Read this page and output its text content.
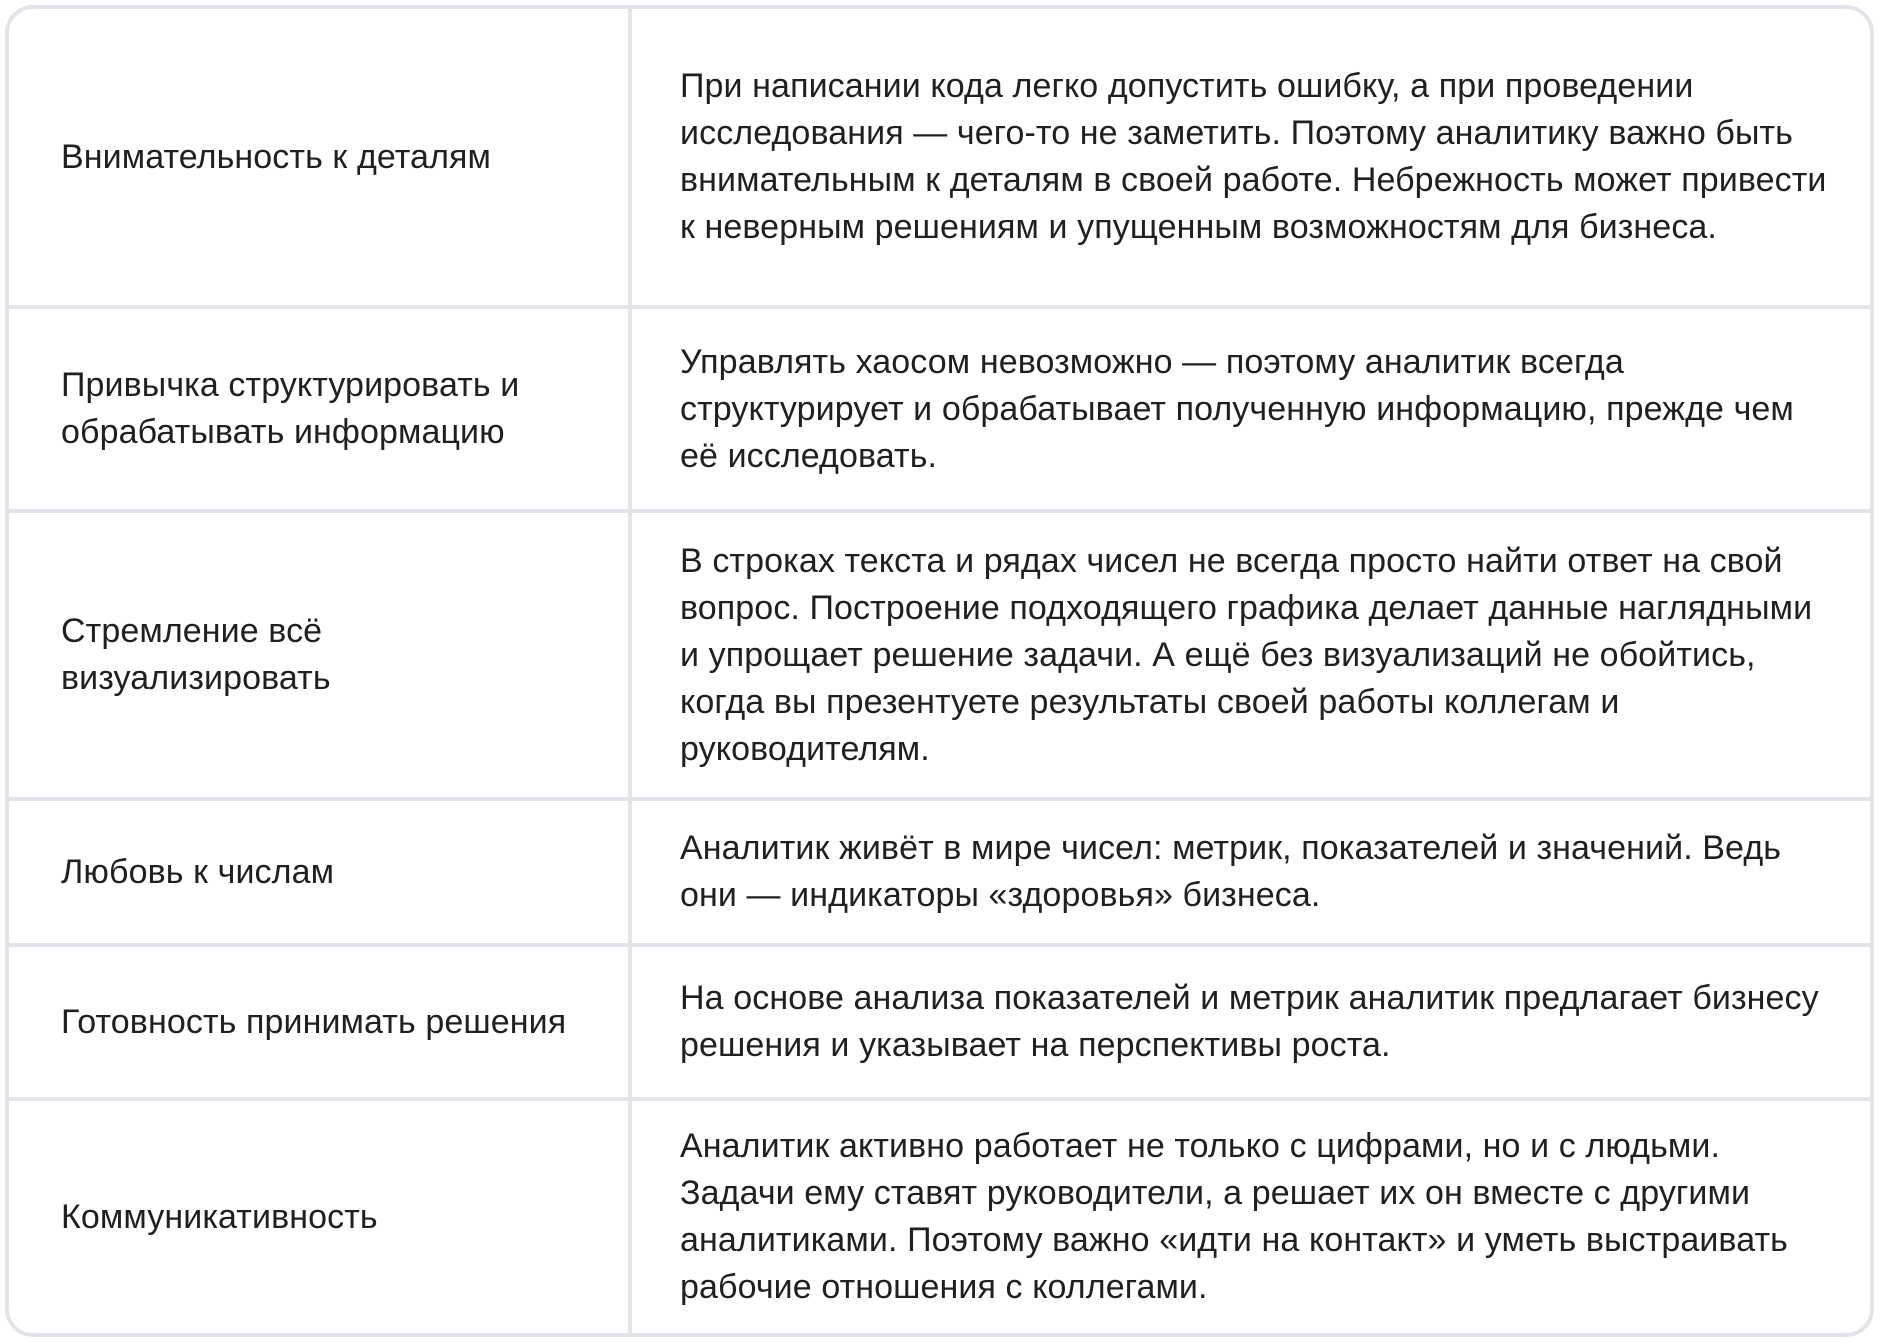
Внимательность к деталям	При написании кода легко допустить ошибку, а при проведении исследования — чего-то не заметить. Поэтому аналитику важно быть внимательным к деталям в своей работе. Небрежность может привести к неверным решениям и упущенным возможностям для бизнеса.
Привычка структурировать и обрабатывать информацию	Управлять хаосом невозможно — поэтому аналитик всегда структурирует и обрабатывает полученную информацию, прежде чем её исследовать.
Стремление всё визуализировать	В строках текста и рядах чисел не всегда просто найти ответ на свой вопрос. Построение подходящего графика делает данные наглядными и упрощает решение задачи. А ещё без визуализаций не обойтись, когда вы презентуете результаты своей работы коллегам и руководителям.
Любовь к числам	Аналитик живёт в мире чисел: метрик, показателей и значений. Ведь они — индикаторы «здоровья» бизнеса.
Готовность принимать решения	На основе анализа показателей и метрик аналитик предлагает бизнесу решения и указывает на перспективы роста.
Коммуникативность	Аналитик активно работает не только с цифрами, но и с людьми. Задачи ему ставят руководители, а решает их он вместе с другими аналитиками. Поэтому важно «идти на контакт» и уметь выстраивать рабочие отношения с коллегами.
